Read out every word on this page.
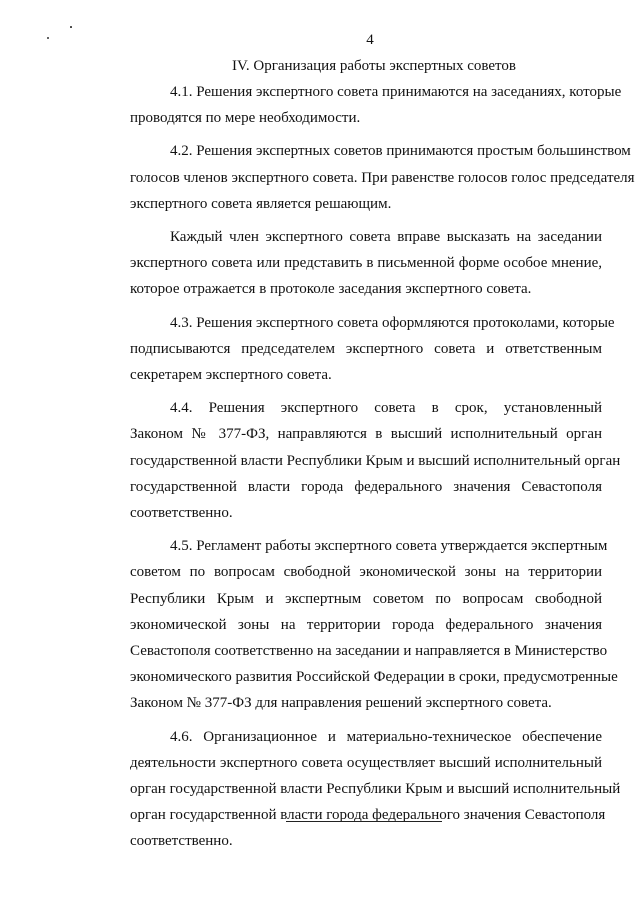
4
IV. Организация работы экспертных советов
4.1. Решения экспертного совета принимаются на заседаниях, которые
проводятся по мере необходимости.
4.2. Решения экспертных советов принимаются простым большинством
голосов членов экспертного совета. При равенстве голосов голос председателя
экспертного совета является решающим.
Каждый член экспертного совета вправе высказать на заседании
экспертного совета или представить в письменной форме особое мнение,
которое отражается в протоколе заседания экспертного совета.
4.3. Решения экспертного совета оформляются протоколами, которые
подписываются председателем экспертного совета и ответственным
секретарем экспертного совета.
4.4. Решения экспертного совета в срок, установленный
Законом № 377-ФЗ, направляются в высший исполнительный орган
государственной власти Республики Крым и высший исполнительный орган
государственной власти города федерального значения Севастополя
соответственно.
4.5. Регламент работы экспертного совета утверждается экспертным
советом по вопросам свободной экономической зоны на территории
Республики Крым и экспертным советом по вопросам свободной
экономической зоны на территории города федерального значения
Севастополя соответственно на заседании и направляется в Министерство
экономического развития Российской Федерации в сроки, предусмотренные
Законом № 377-ФЗ для направления решений экспертного совета.
4.6. Организационное и материально-техническое обеспечение
деятельности экспертного совета осуществляет высший исполнительный
орган государственной власти Республики Крым и высший исполнительный
орган государственной власти города федерального значения Севастополя
соответственно.
